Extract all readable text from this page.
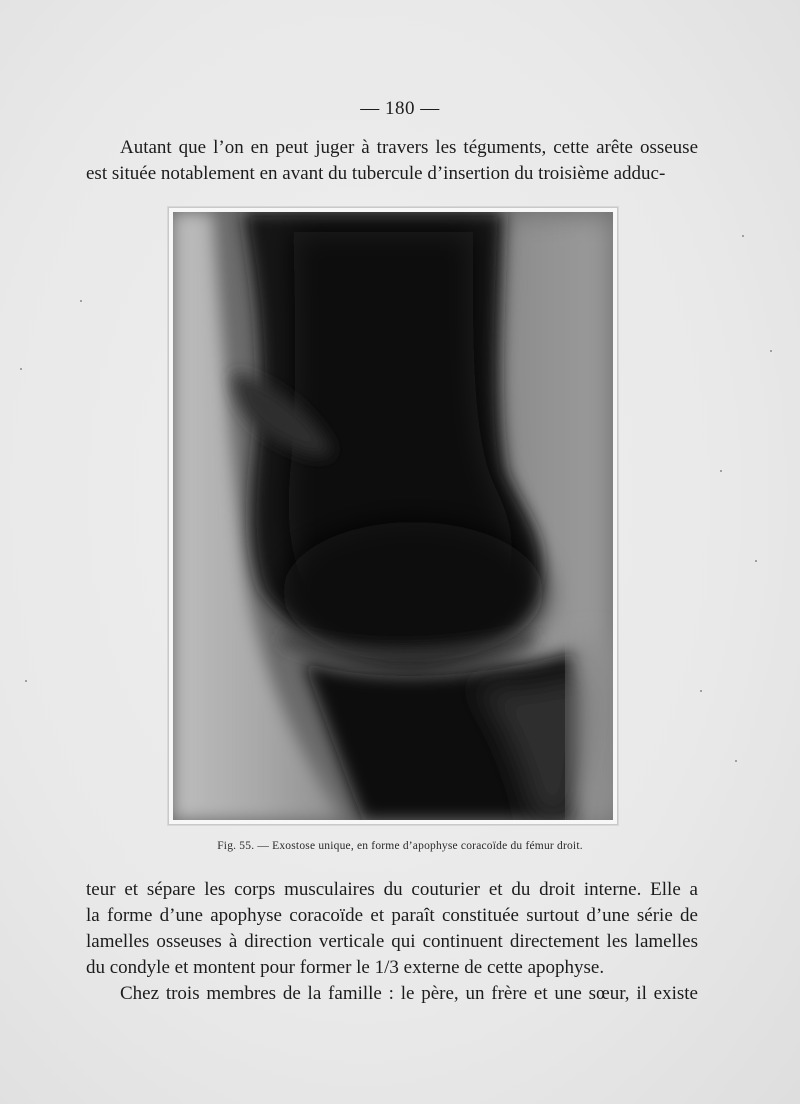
— 180 —

Autant que l’on en peut juger à travers les téguments, cette arête osseuse
est située notablement en avant du tubercule d’insertion du troisième adduc-

Fig. 55. — Exostose unique, en forme d’apophyse coracoïde du fémur droit.

teur et sépare les corps musculaires du couturier et du droit interne. Elle a
la forme d’une apophyse coracoïde et paraît constituée surtout d’une série de
lamelles osseuses à direction verticale qui continuent directement les lamelles
du condyle et montent pour former le 1/3 externe de cette apophyse.

Chez trois membres de la famille : le père, un frère et une sœur, il existe
